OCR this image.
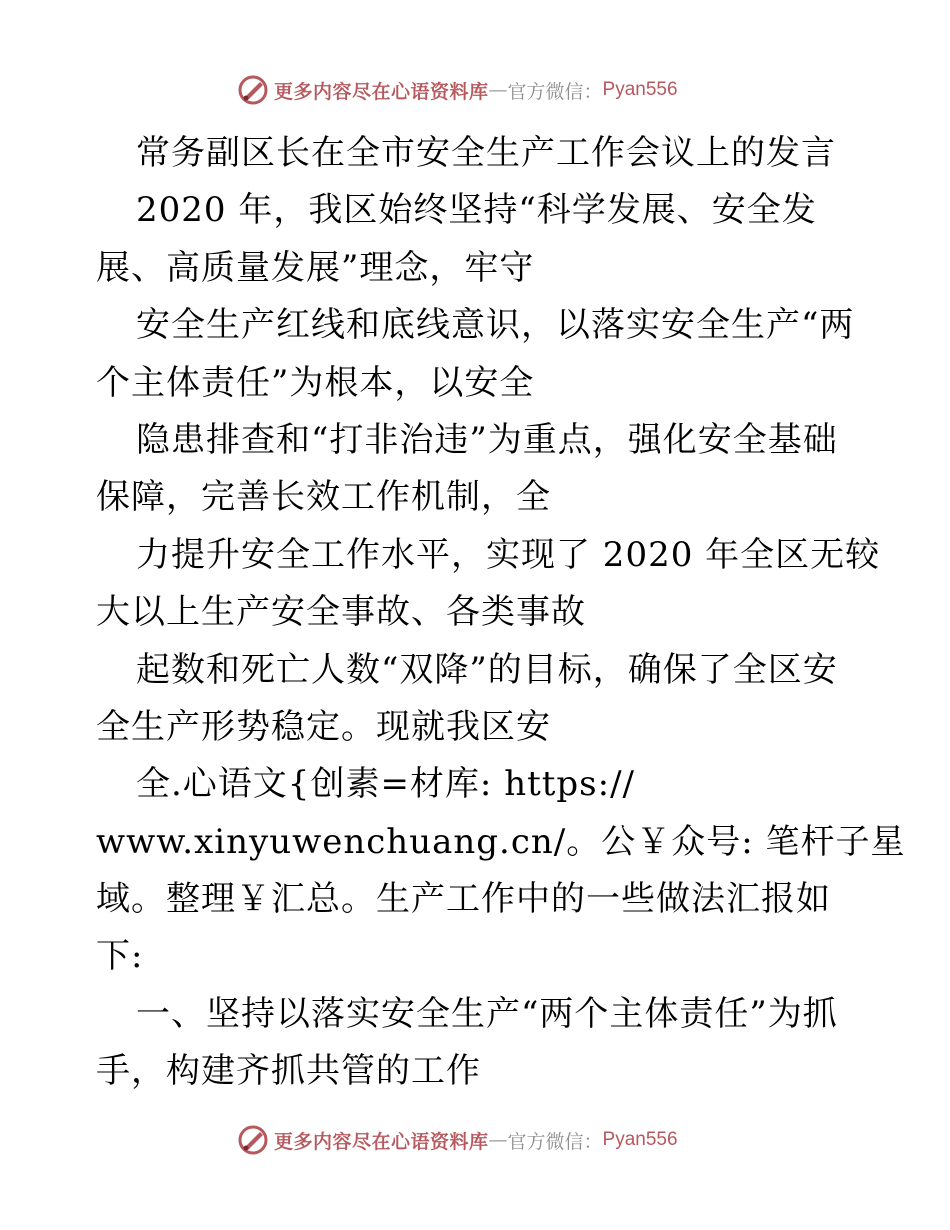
更多内容尽在心语资料库 — 官方微信： Pyan556
常务副区长在全市安全生产工作会议上的发言
2020 年，我区始终坚持“科学发展、安全发
展、高质量发展”理念，牢守
安全生产红线和底线意识，以落实安全生产“两
个主体责任”为根本，以安全
隐患排查和“打非治违”为重点，强化安全基础
保障，完善长效工作机制，全
力提升安全工作水平，实现了 2020 年全区无较
大以上生产安全事故、各类事故
起数和死亡人数“双降”的目标，确保了全区安
全生产形势稳定。现就我区安
全.心语文{创素=材库: https://
www.xinyuwenchuang.cn/。公￥众号: 笔杆子星
域。整理￥汇总。生产工作中的一些做法汇报如
下:
一、坚持以落实安全生产“两个主体责任”为抓
手，构建齐抓共管的工作
更多内容尽在心语资料库 — 官方微信： Pyan556
